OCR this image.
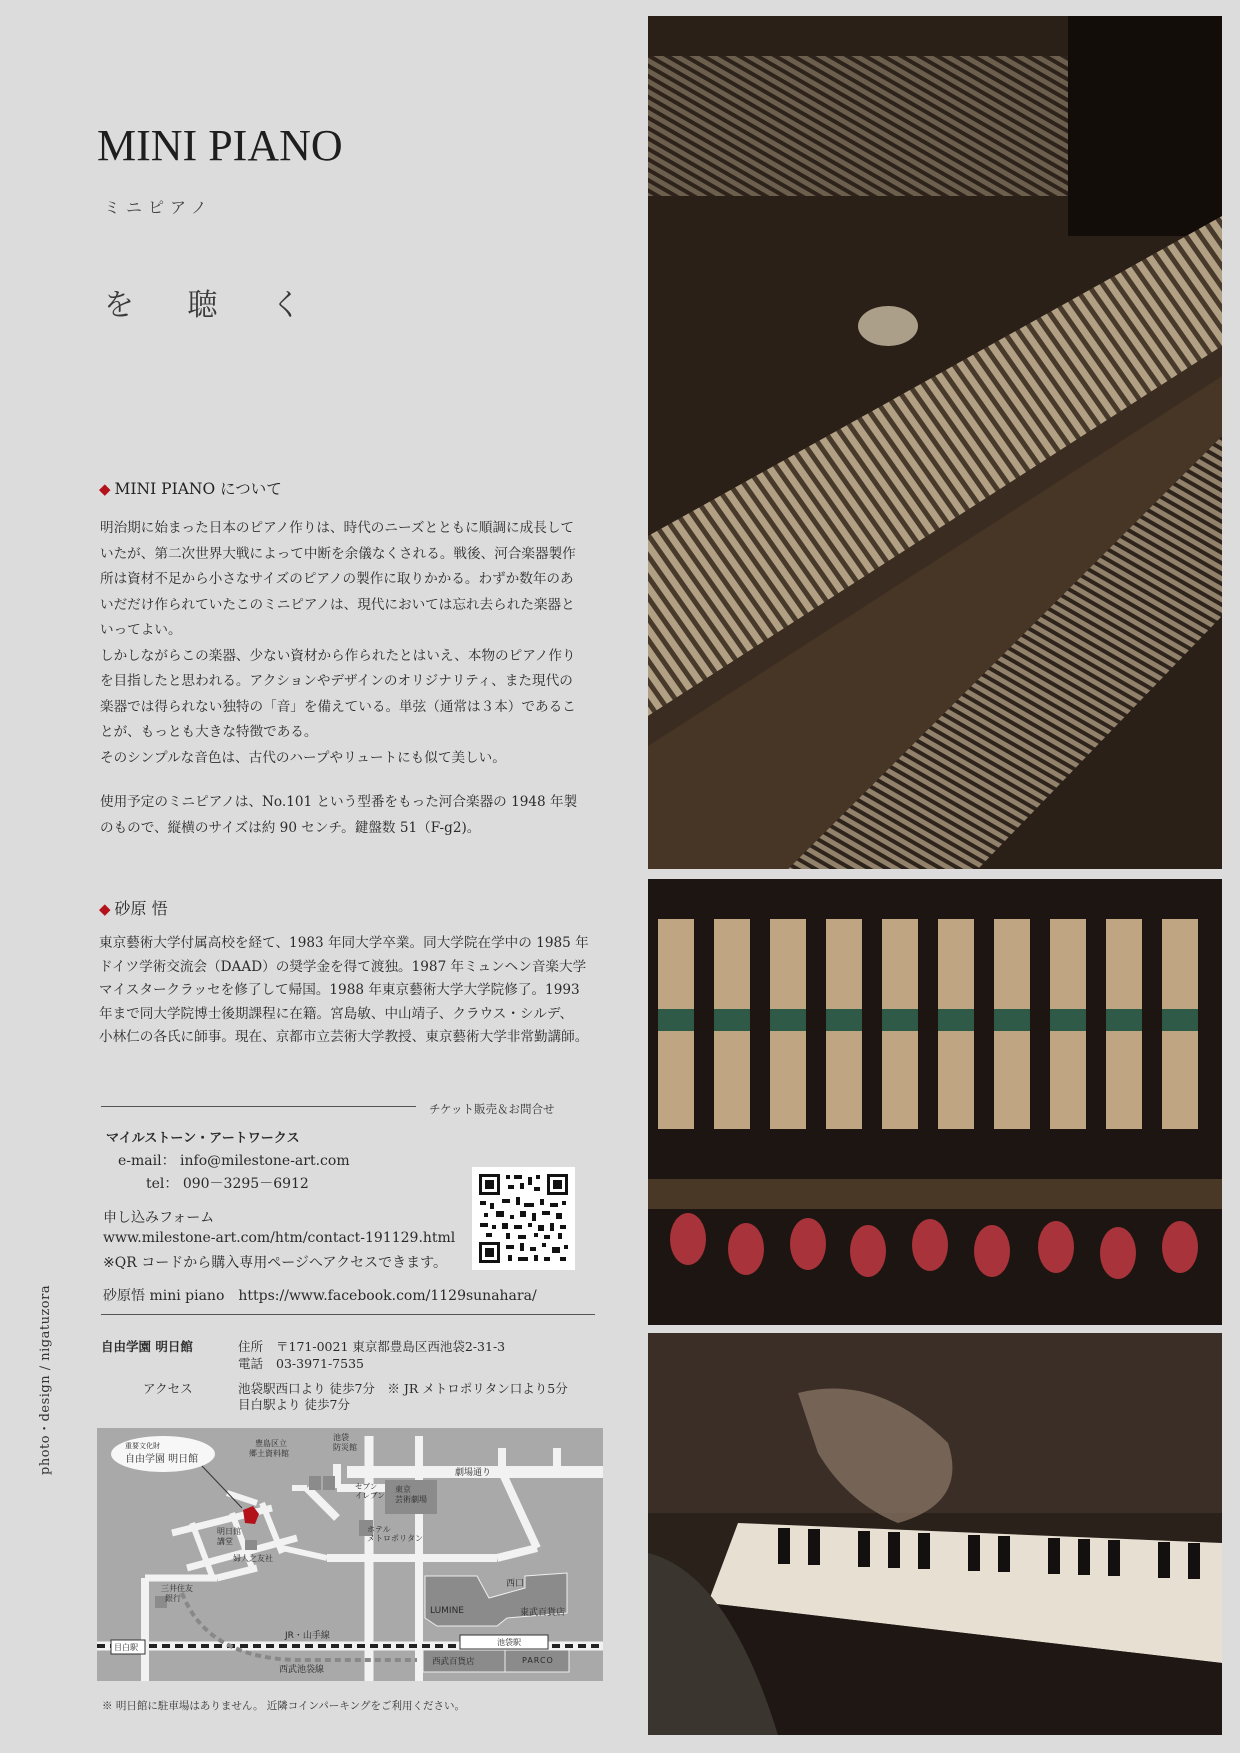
MINI PIANO
ミニピアノ
を 聴 く
◆ MINI PIANO について

明治期に始まった日本のピアノ作りは、時代のニーズとともに順調に成長して

いたが、第二次世界大戦によって中断を余儀なくされる。戦後、河合楽器製作

所は資材不足から小さなサイズのピアノの製作に取りかかる。わずか数年のあ

いだだけ作られていたこのミニピアノは、現代においては忘れ去られた楽器と

いってよい。

しかしながらこの楽器、少ない資材から作られたとはいえ、本物のピアノ作り

を目指したと思われる。アクションやデザインのオリジナリティ、また現代の

楽器では得られない独特の「音」を備えている。単弦（通常は３本）であるこ

とが、もっとも大きな特徴である。

そのシンプルな音色は、古代のハープやリュートにも似て美しい。

使用予定のミニピアノは、No.101 という型番をもった河合楽器の 1948 年製

のもので、縦横のサイズは約 90 センチ。鍵盤数 51（F-g2)。

◆ 砂原 悟

東京藝術大学付属高校を経て、1983 年同大学卒業。同大学院在学中の 1985 年

ドイツ学術交流会（DAAD）の奨学金を得て渡独。1987 年ミュンヘン音楽大学

マイスタークラッセを修了して帰国。1988 年東京藝術大学大学院修了。1993

年まで同大学院博士後期課程に在籍。宮島敏、中山靖子、クラウス・シルデ、

小林仁の各氏に師事。現在、京都市立芸術大学教授、東京藝術大学非常勤講師。

チケット販売＆お問合せ
マイルストーン・アートワークス
e-mail： info@milestone-art.com
tel： 090－3295－6912
申し込みフォーム
www.milestone-art.com/htm/contact-191129.html
※QR コードから購入専用ページへアクセスできます。
砂原悟 mini piano　https://www.facebook.com/1129sunahara/
自由学園 明日館	住所 〒171-0021 東京都豊島区西池袋2-31-3
電話 03-3971-7535
アクセス	池袋駅西口より 徒歩7分　※ JR メトロポリタン口より5分
目白駅より 徒歩7分
重要文化財
自由学園 明日館
豊島区立
郷土資料館
池袋
防災館
劇場通り
セブン
イレブン
東京
芸術劇場
ホテル
メトロポリタン
明日館
講堂
婦人之友社
三井住友
銀行
西口
LUMINE	東武百貨店
目白駅
JR・山手線
池袋駅
西武池袋線
西武百貨店	PARCO
※ 明日館に駐車場はありません。 近隣コインパーキングをご利用ください。
photo・design / nigatuzora
